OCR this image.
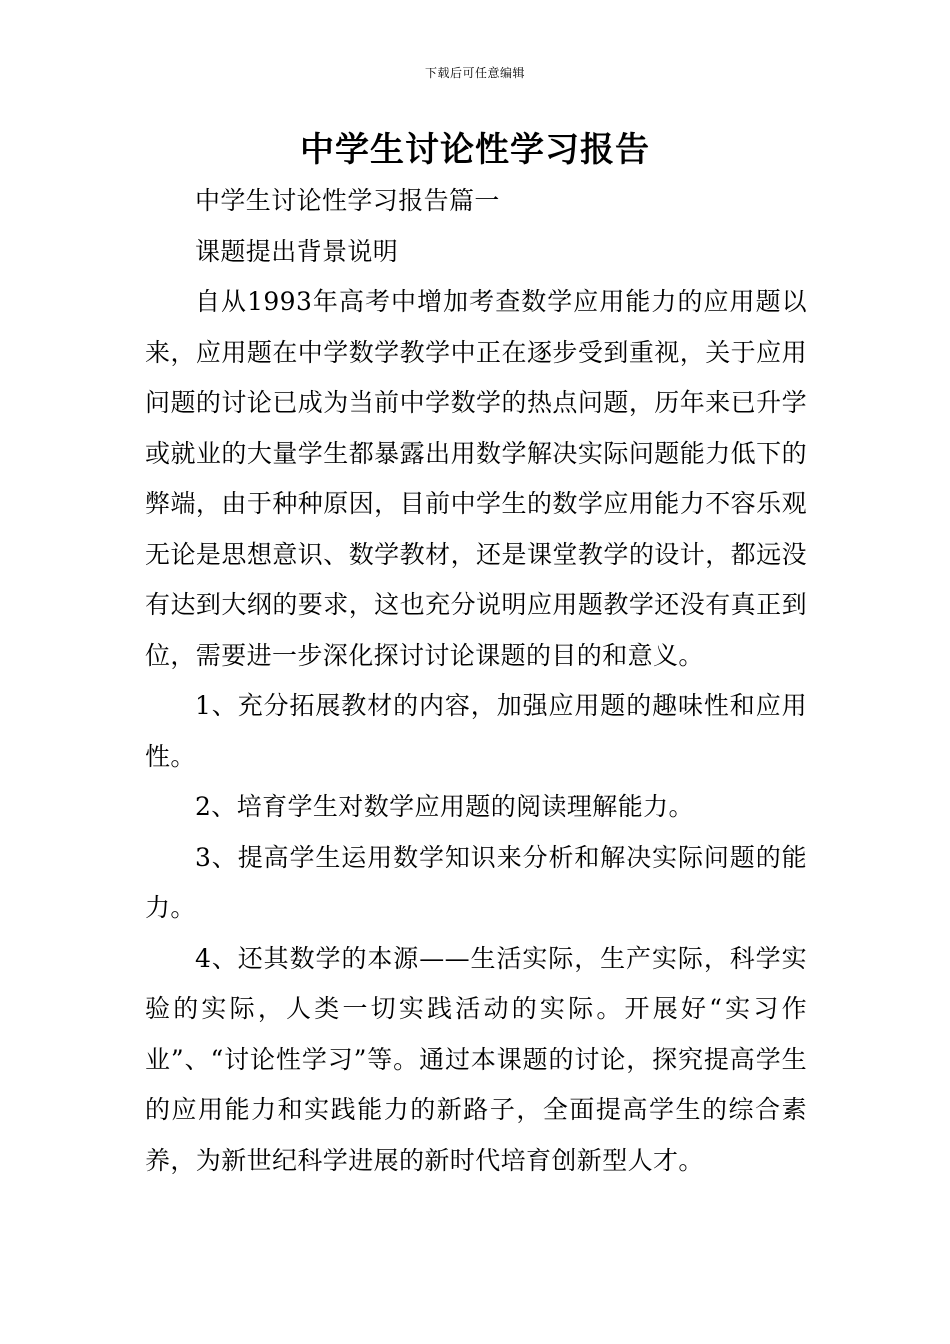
下载后可任意编辑
中学生讨论性学习报告

中学生讨论性学习报告篇一

课题提出背景说明

自从1993年高考中增加考查数学应用能力的应用题以来，应用题在中学数学教学中正在逐步受到重视，关于应用问题的讨论已成为当前中学数学的热点问题，历年来已升学或就业的大量学生都暴露出用数学解决实际问题能力低下的弊端，由于种种原因，目前中学生的数学应用能力不容乐观无论是思想意识、数学教材，还是课堂教学的设计，都远没有达到大纲的要求，这也充分说明应用题教学还没有真正到位，需要进一步深化探讨讨论课题的目的和意义。

1、充分拓展教材的内容，加强应用题的趣味性和应用性。

2、培育学生对数学应用题的阅读理解能力。

3、提高学生运用数学知识来分析和解决实际问题的能力。

4、还其数学的本源——生活实际，生产实际，科学实验的实际，人类一切实践活动的实际。开展好“实习作业”、“讨论性学习”等。通过本课题的讨论，探究提高学生的应用能力和实践能力的新路子，全面提高学生的综合素养，为新世纪科学进展的新时代培育创新型人才。
